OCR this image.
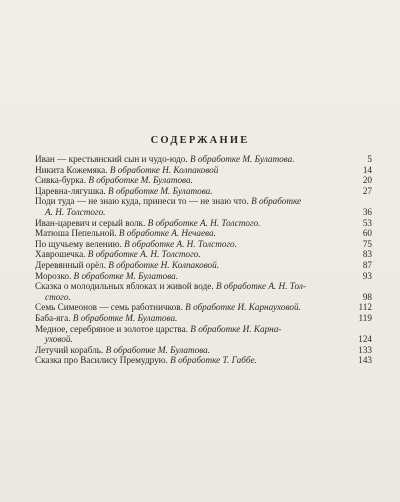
СОДЕРЖАНИЕ
Иван — крестьянский сын и чудо-юдо. В обработке М. Булатова.	5
Никита Кожемяка. В обработке Н. Колпаковой	14
Сивка-бурка. В обработке М. Булатова.	20
Царевна-лягушка. В обработке М. Булатова.	27
Поди туда — не знаю куда, принеси то — не знаю что. В обработке
А. Н. Толстого.	36
Иван-царевич и серый волк. В обработке А. Н. Толстого.	53
Матюша Пепельной. В обработке А. Нечаева.	60
По щучьему велению. В обработке А. Н. Толстого.	75
Хаврошечка. В обработке А. Н. Толстого.	83
Деревянный орёл. В обработке Н. Колпаковой.	87
Морозко. В обработке М. Булатова.	93
Сказка о молодильных яблоках и живой воде. В обработке А. Н. Тол-
стого.	98
Семь Симеонов — семь работничков. В обработке И. Карнауховой.	112
Баба-яга. В обработке М. Булатова.	119
Медное, серебряное и золотое царства. В обработке И. Карна-
уховой.	124
Летучий корабль. В обработке М. Булатова.	133
Сказка про Василису Премудрую. В обработке Т. Габбе.	143
